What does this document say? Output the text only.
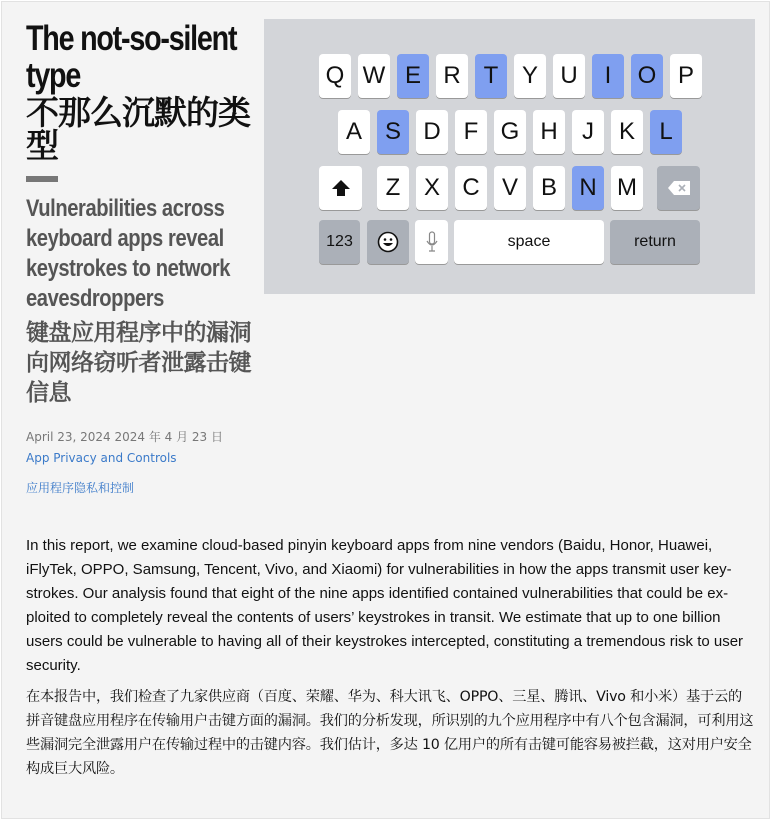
The not-so-silent type
不那么沉默的类型
Vulnerabilities across keyboard apps reveal keystrokes to network eavesdroppers
键盘应用程序中的漏洞向网络窃听者泄露击键信息
April 23, 2024 2024 年 4 月 23 日
App Privacy and Controls
应用程序隐私和控制
123	space	return
Q W E R T Y U	I	O P
A S D F G H	J	K	L
Z X C V B N M

In this report, we examine cloud-based pinyin keyboard apps from nine vendors (Baidu, Honor, Huawei, iFlyTek, OPPO, Samsung, Tencent, Vivo, and Xiaomi) for vulnerabilities in how the apps transmit user keystrokes. Our analysis found that eight of the nine apps identified contained vulnerabilities that could be exploited to completely reveal the contents of users’ keystrokes in transit. We estimate that up to one billion users could be vulnerable to having all of their keystrokes intercepted, constituting a tremendous risk to user security.

在本报告中，我们检查了九家供应商（百度、荣耀、华为、科大讯飞、OPPO、三星、腾讯、Vivo 和小米）基于云的拼音键盘应用程序在传输用户击键方面的漏洞。我们的分析发现，所识别的九个应用程序中有八个包含漏洞，可利用这些漏洞完全泄露用户在传输过程中的击键内容。我们估计，多达 10 亿用户的所有击键可能容易被拦截，这对用户安全构成巨大风险。
